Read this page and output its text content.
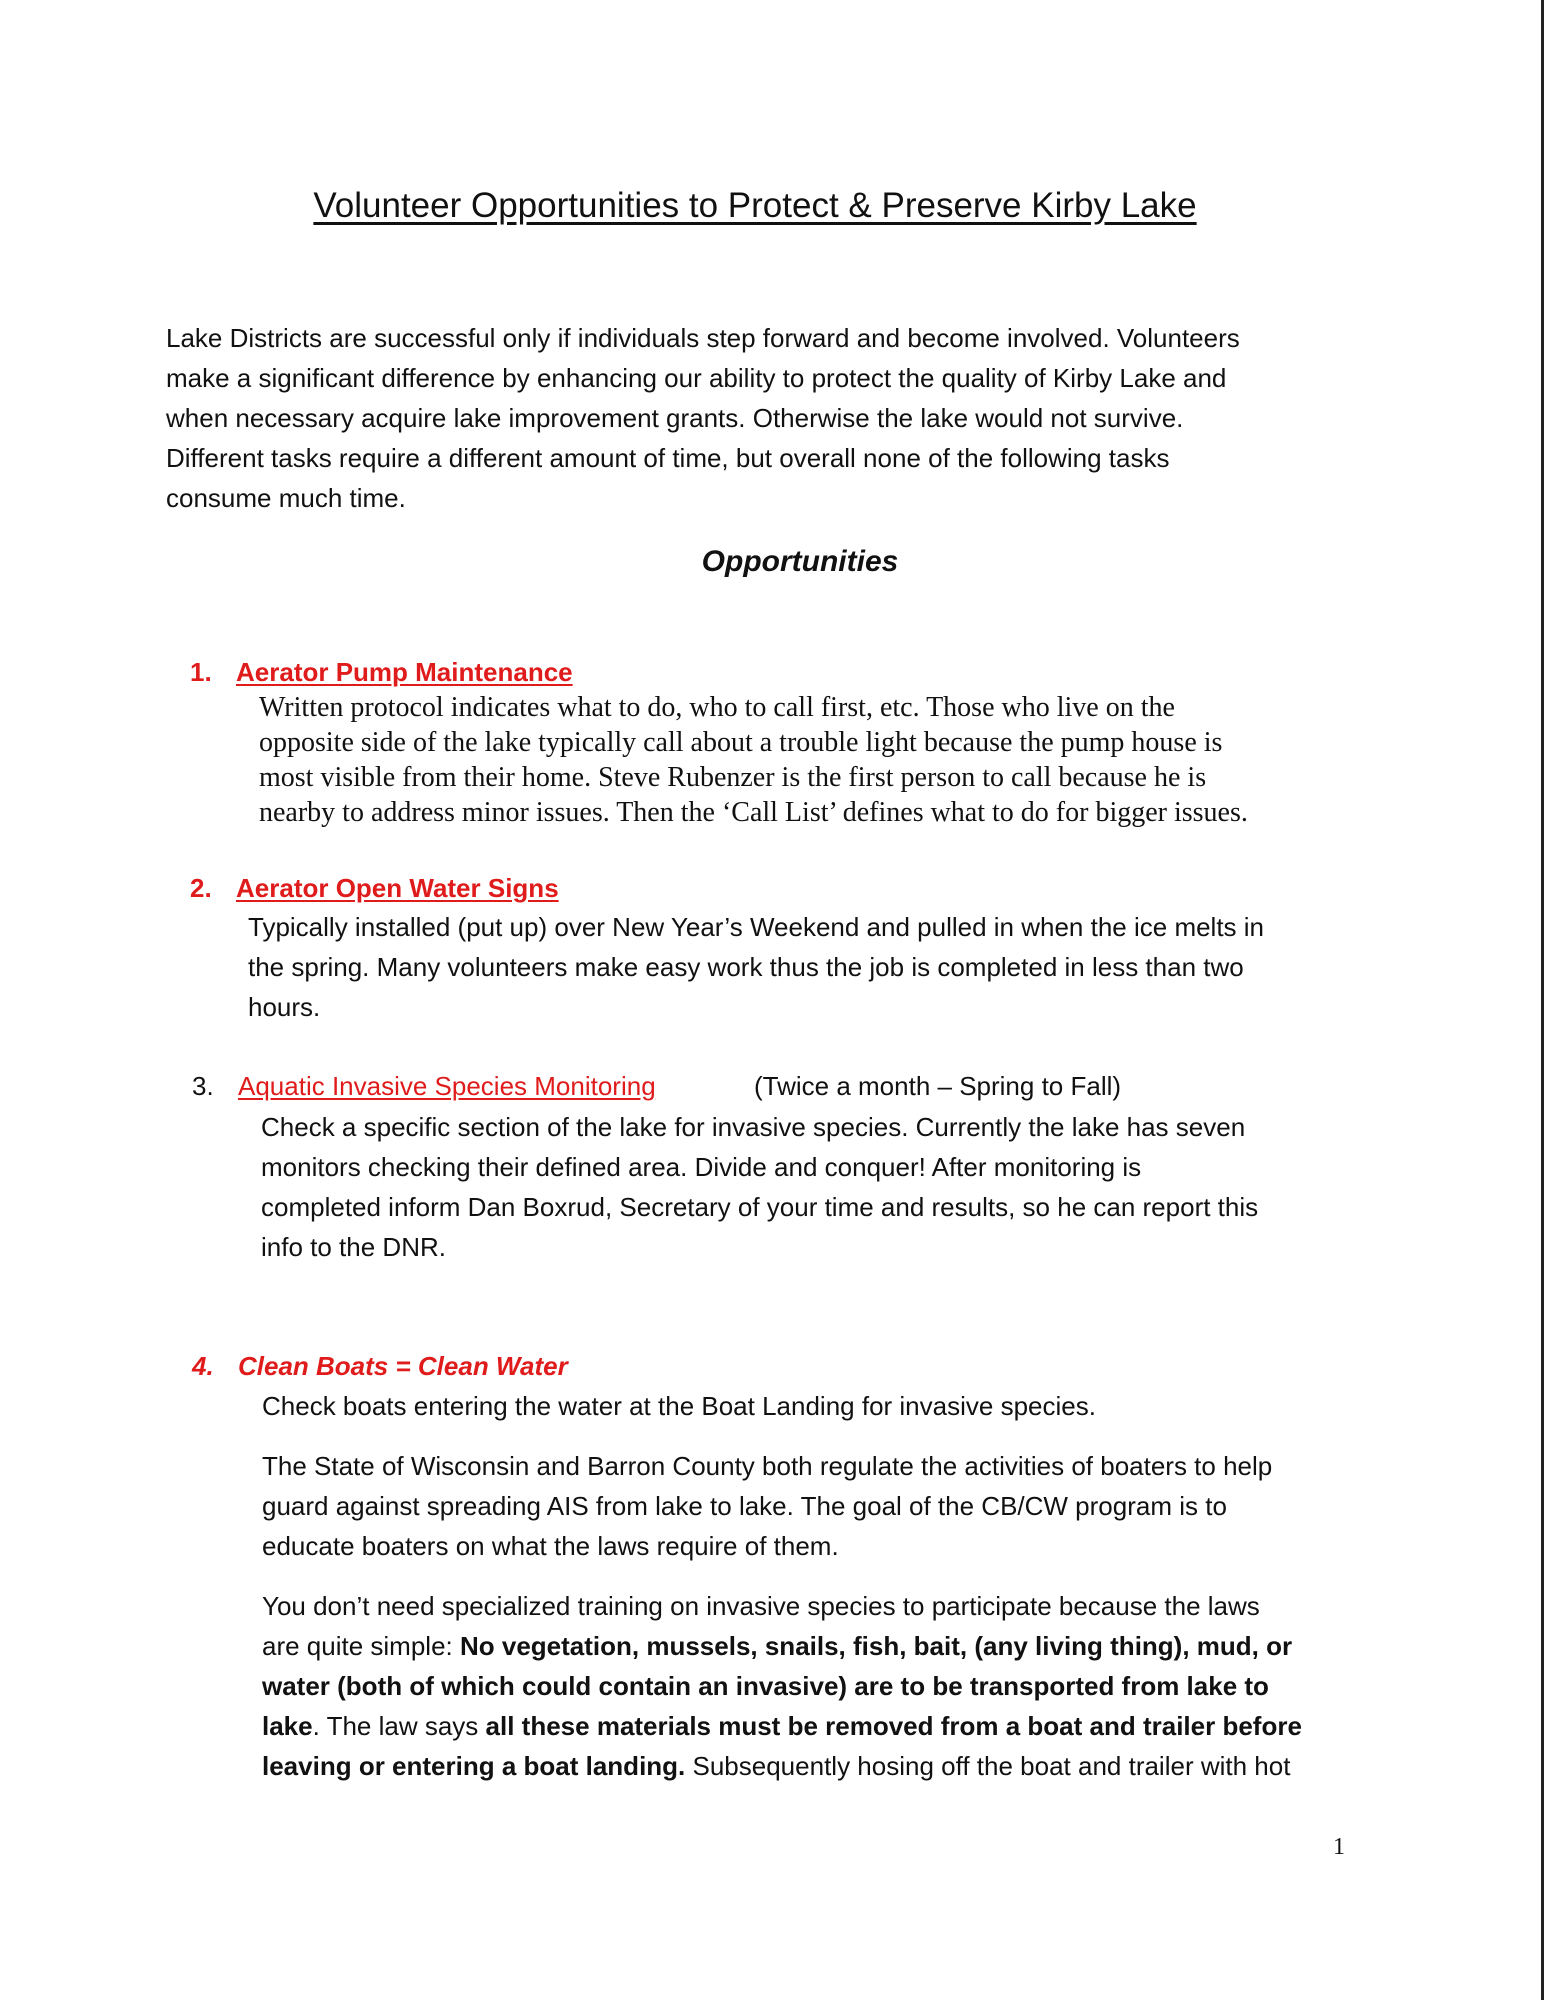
Volunteer Opportunities to Protect & Preserve Kirby Lake
Lake Districts are successful only if individuals step forward and become involved. Volunteers
make a significant difference by enhancing our ability to protect the quality of Kirby Lake and
when necessary acquire lake improvement grants. Otherwise the lake would not survive.
Different tasks require a different amount of time, but overall none of the following tasks
consume much time.
Opportunities
1. Aerator Pump Maintenance
Written protocol indicates what to do, who to call first, etc. Those who live on the
opposite side of the lake typically call about a trouble light because the pump house is
most visible from their home. Steve Rubenzer is the first person to call because he is
nearby to address minor issues. Then the ‘Call List’ defines what to do for bigger issues.
2. Aerator Open Water Signs
Typically installed (put up) over New Year’s Weekend and pulled in when the ice melts in
the spring. Many volunteers make easy work thus the job is completed in less than two
hours.
3. Aquatic Invasive Species Monitoring	(Twice a month – Spring to Fall)
Check a specific section of the lake for invasive species. Currently the lake has seven
monitors checking their defined area. Divide and conquer! After monitoring is
completed inform Dan Boxrud, Secretary of your time and results, so he can report this
info to the DNR.
4. Clean Boats = Clean Water
Check boats entering the water at the Boat Landing for invasive species.
The State of Wisconsin and Barron County both regulate the activities of boaters to help
guard against spreading AIS from lake to lake. The goal of the CB/CW program is to
educate boaters on what the laws require of them.
You don’t need specialized training on invasive species to participate because the laws
are quite simple: No vegetation, mussels, snails, fish, bait, (any living thing), mud, or
water (both of which could contain an invasive) are to be transported from lake to
lake. The law says all these materials must be removed from a boat and trailer before
leaving or entering a boat landing. Subsequently hosing off the boat and trailer with hot
1
